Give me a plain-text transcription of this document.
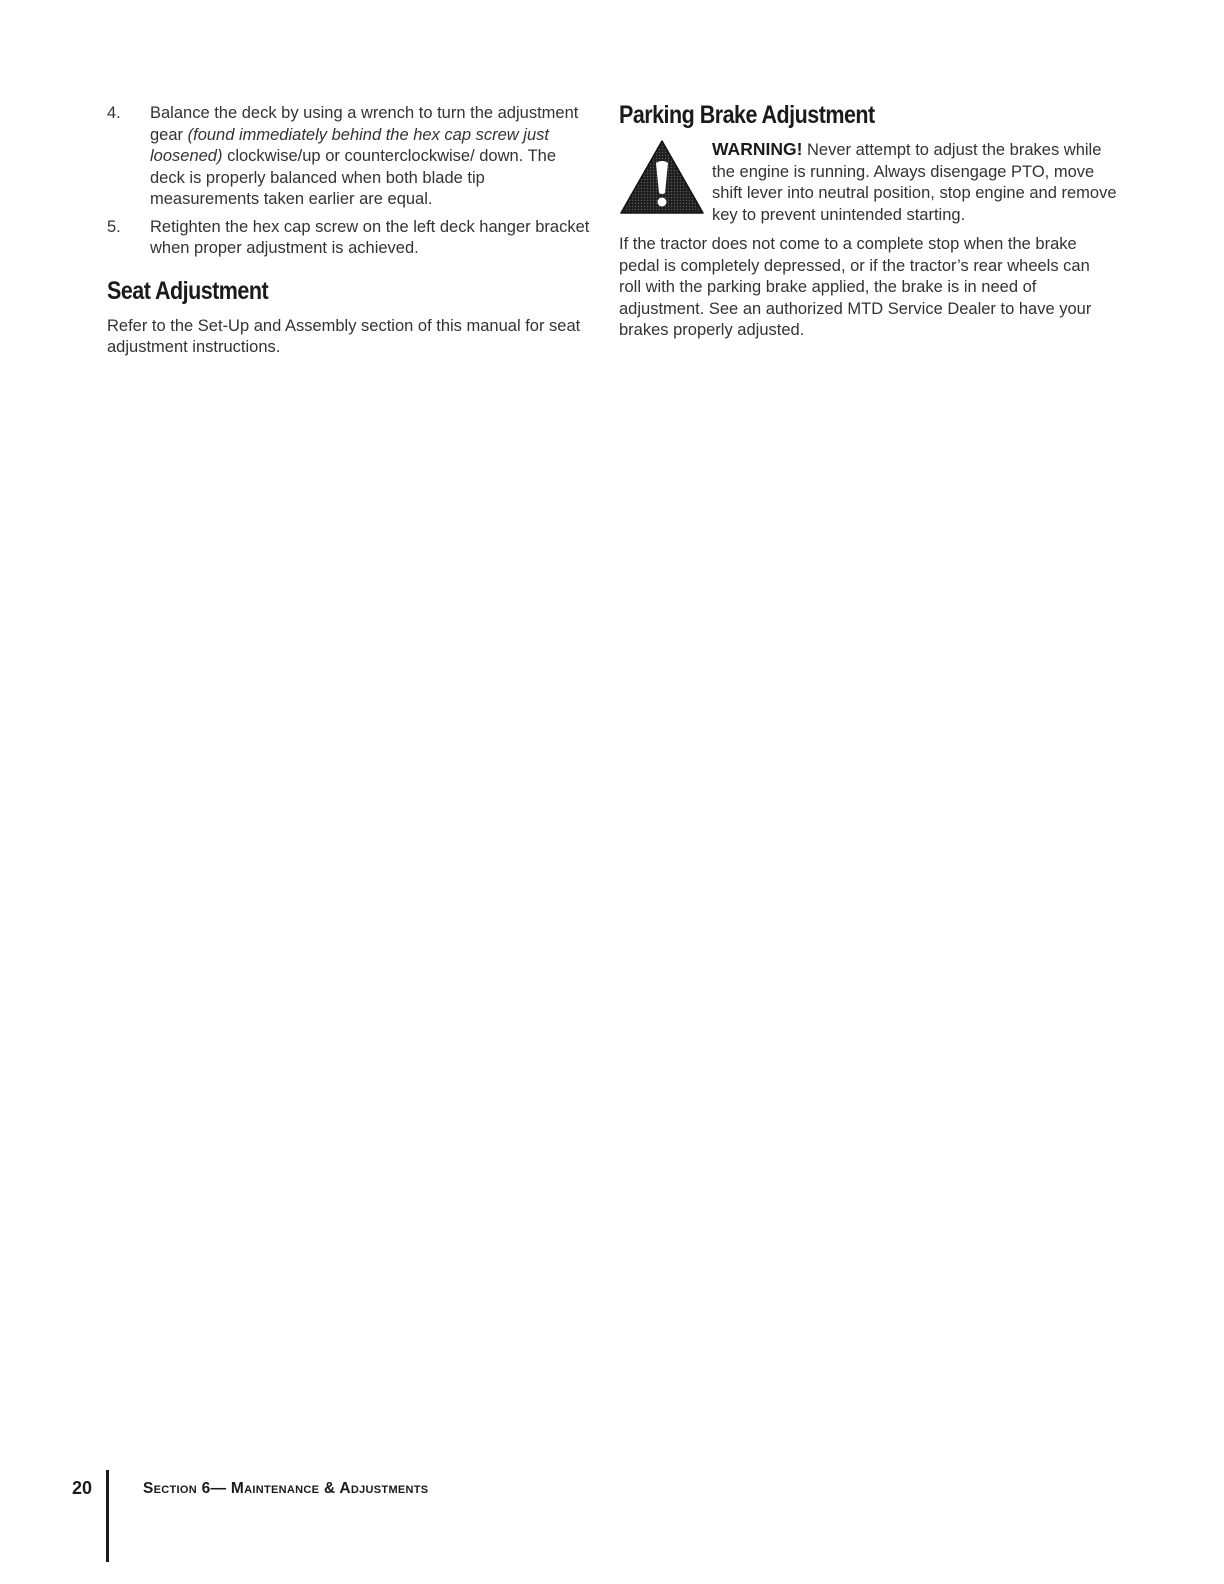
4. Balance the deck by using a wrench to turn the adjustment gear (found immediately behind the hex cap screw just loosened) clockwise/up or counterclockwise/ down. The deck is properly balanced when both blade tip measurements taken earlier are equal.
5. Retighten the hex cap screw on the left deck hanger bracket when proper adjustment is achieved.
Seat Adjustment

Refer to the Set-Up and Assembly section of this manual for seat adjustment instructions.

Parking Brake Adjustment
WARNING! Never attempt to adjust the brakes while the engine is running. Always disengage PTO, move shift lever into neutral position, stop engine and remove key to prevent unintended starting.

If the tractor does not come to a complete stop when the brake pedal is completely depressed, or if the tractor’s rear wheels can roll with the parking brake applied, the brake is in need of adjustment. See an authorized MTD Service Dealer to have your brakes properly adjusted.

20	Section 6— Maintenance & Adjustments
